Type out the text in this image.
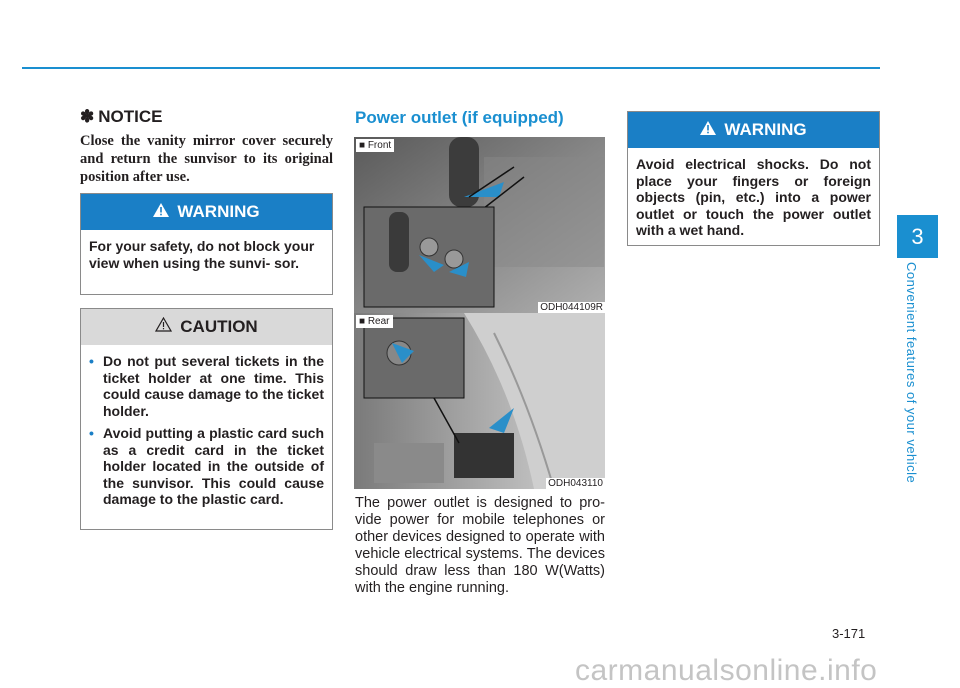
✽ NOTICE
Close the vanity mirror cover securely and return the sunvisor to its original position after use.
WARNING
For your safety, do not block your view when using the sunvi- sor.
CAUTION
• Do not put several tickets in the ticket holder at one time. This could cause damage to the ticket holder.
• Avoid putting a plastic card such as a credit card in the ticket holder located in the outside of the sunvisor. This could cause damage to the plastic card.
Power outlet (if equipped)
■ Front
ODH044109R
■ Rear
ODH043110
The power outlet is designed to pro- vide power for mobile telephones or other devices designed to operate with vehicle electrical systems. The devices should draw less than 180 W(Watts) with the engine running.
WARNING
Avoid electrical shocks. Do not place your fingers or foreign objects (pin, etc.) into a power outlet or touch the power outlet with a wet hand.	3
Convenient features of your vehicle
3-171
carmanualsonline.info
